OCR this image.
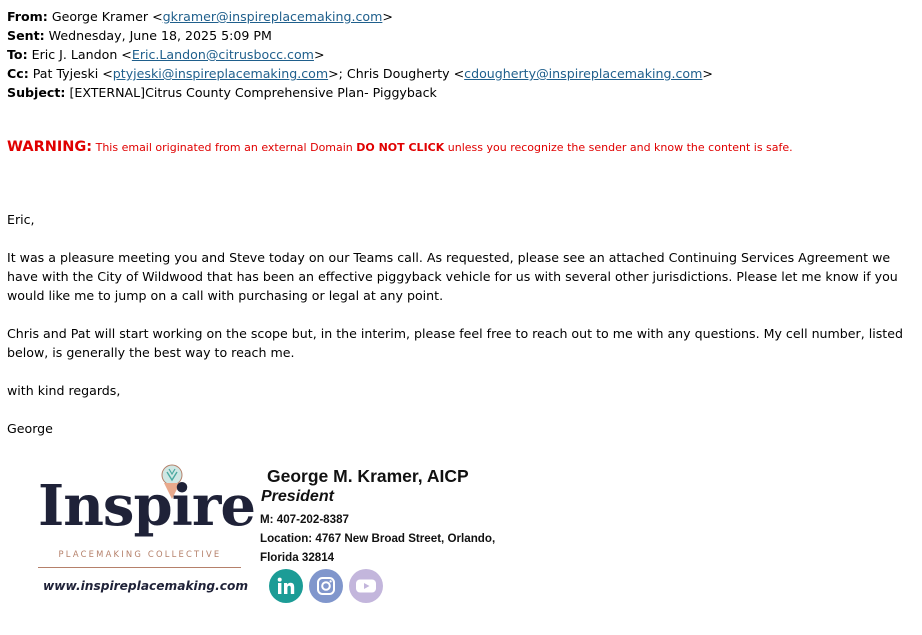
From: George Kramer <gkramer@inspireplacemaking.com>
Sent: Wednesday, June 18, 2025 5:09 PM
To: Eric J. Landon <Eric.Landon@citrusbocc.com>
Cc: Pat Tyjeski <ptyjeski@inspireplacemaking.com>; Chris Dougherty <cdougherty@inspireplacemaking.com>
Subject: [EXTERNAL]Citrus County Comprehensive Plan- Piggyback
WARNING: This email originated from an external Domain DO NOT CLICK unless you recognize the sender and know the content is safe.

Eric,

It was a pleasure meeting you and Steve today on our Teams call. As requested, please see an attached Continuing Services Agreement we have with the City of Wildwood that has been an effective piggyback vehicle for us with several other jurisdictions. Please let me know if you would like me to jump on a call with purchasing or legal at any point.

Chris and Pat will start working on the scope but, in the interim, please feel free to reach out to me with any questions. My cell number, listed below, is generally the best way to reach me.

with kind regards,

George

Inspire
PLACEMAKING COLLECTIVE
www.inspireplacemaking.com
George M. Kramer, AICP
President
M: 407-202-8387
Location: 4767 New Broad Street, Orlando,
Florida 32814
